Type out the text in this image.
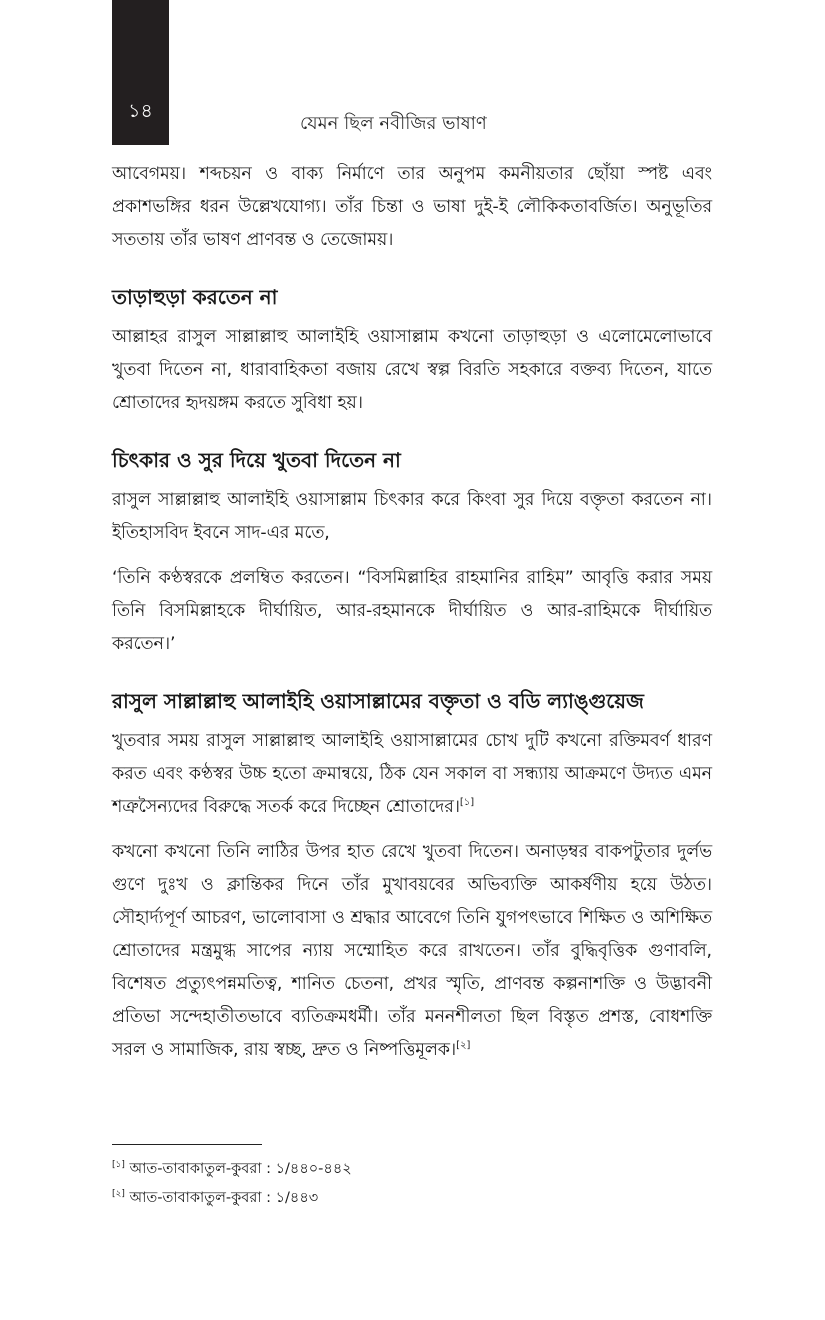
১৪
যেমন ছিল নবীজির ভাষাণ

আবেগময়। শব্দচয়ন ও বাক্য নির্মাণে তার অনুপম কমনীয়তার ছোঁয়া স্পষ্ট এবং প্রকাশভঙ্গির ধরন উল্লেখযোগ্য। তাঁর চিন্তা ও ভাষা দুই-ই লৌকিকতাবর্জিত। অনুভূতির সততায় তাঁর ভাষণ প্রাণবন্ত ও তেজোময়।

তাড়াহুড়া করতেন না

আল্লাহর রাসুল সাল্লাল্লাহু আলাইহি ওয়াসাল্লাম কখনো তাড়াহুড়া ও এলোমেলোভাবে খুতবা দিতেন না, ধারাবাহিকতা বজায় রেখে স্বল্প বিরতি সহকারে বক্তব্য দিতেন, যাতে শ্রোতাদের হৃদয়ঙ্গম করতে সুবিধা হয়।

চিৎকার ও সুর দিয়ে খুতবা দিতেন না

রাসুল সাল্লাল্লাহু আলাইহি ওয়াসাল্লাম চিৎকার করে কিংবা সুর দিয়ে বক্তৃতা করতেন না। ইতিহাসবিদ ইবনে সাদ-এর মতে,

‘তিনি কণ্ঠস্বরকে প্রলম্বিত করতেন। “বিসমিল্লাহির রাহমানির রাহিম” আবৃত্তি করার সময় তিনি বিসমিল্লাহকে দীর্ঘায়িত, আর-রহমানকে দীর্ঘায়িত ও আর-রাহিমকে দীর্ঘায়িত করতেন।’

রাসুল সাল্লাল্লাহু আলাইহি ওয়াসাল্লামের বক্তৃতা ও বডি ল্যাঙ্গুয়েজ

খুতবার সময় রাসুল সাল্লাল্লাহু আলাইহি ওয়াসাল্লামের চোখ দুটি কখনো রক্তিমবর্ণ ধারণ করত এবং কণ্ঠস্বর উচ্চ হতো ক্রমান্বয়ে, ঠিক যেন সকাল বা সন্ধ্যায় আক্রমণে উদ্যত এমন শত্রুসৈন্যদের বিরুদ্ধে সতর্ক করে দিচ্ছেন শ্রোতাদের।[১]

কখনো কখনো তিনি লাঠির উপর হাত রেখে খুতবা দিতেন। অনাড়ম্বর বাকপটুতার দুর্লভ গুণে দুঃখ ও ক্লান্তিকর দিনে তাঁর মুখাবয়বের অভিব্যক্তি আকর্ষণীয় হয়ে উঠত। সৌহার্দ্যপূর্ণ আচরণ, ভালোবাসা ও শ্রদ্ধার আবেগে তিনি যুগপৎভাবে শিক্ষিত ও অশিক্ষিত শ্রোতাদের মন্ত্রমুগ্ধ সাপের ন্যায় সম্মোহিত করে রাখতেন। তাঁর বুদ্ধিবৃত্তিক গুণাবলি, বিশেষত প্রত্যুৎপন্নমতিত্ব, শানিত চেতনা, প্রখর স্মৃতি, প্রাণবন্ত কল্পনাশক্তি ও উদ্ভাবনী প্রতিভা সন্দেহাতীতভাবে ব্যতিক্রমধর্মী। তাঁর মননশীলতা ছিল বিস্তৃত প্রশস্ত, বোধশক্তি সরল ও সামাজিক, রায় স্বচ্ছ, দ্রুত ও নিষ্পত্তিমূলক।[২]

[১] আত-তাবাকাতুল-কুবরা : ১/৪৪০-৪৪২
[২] আত-তাবাকাতুল-কুবরা : ১/৪৪৩
